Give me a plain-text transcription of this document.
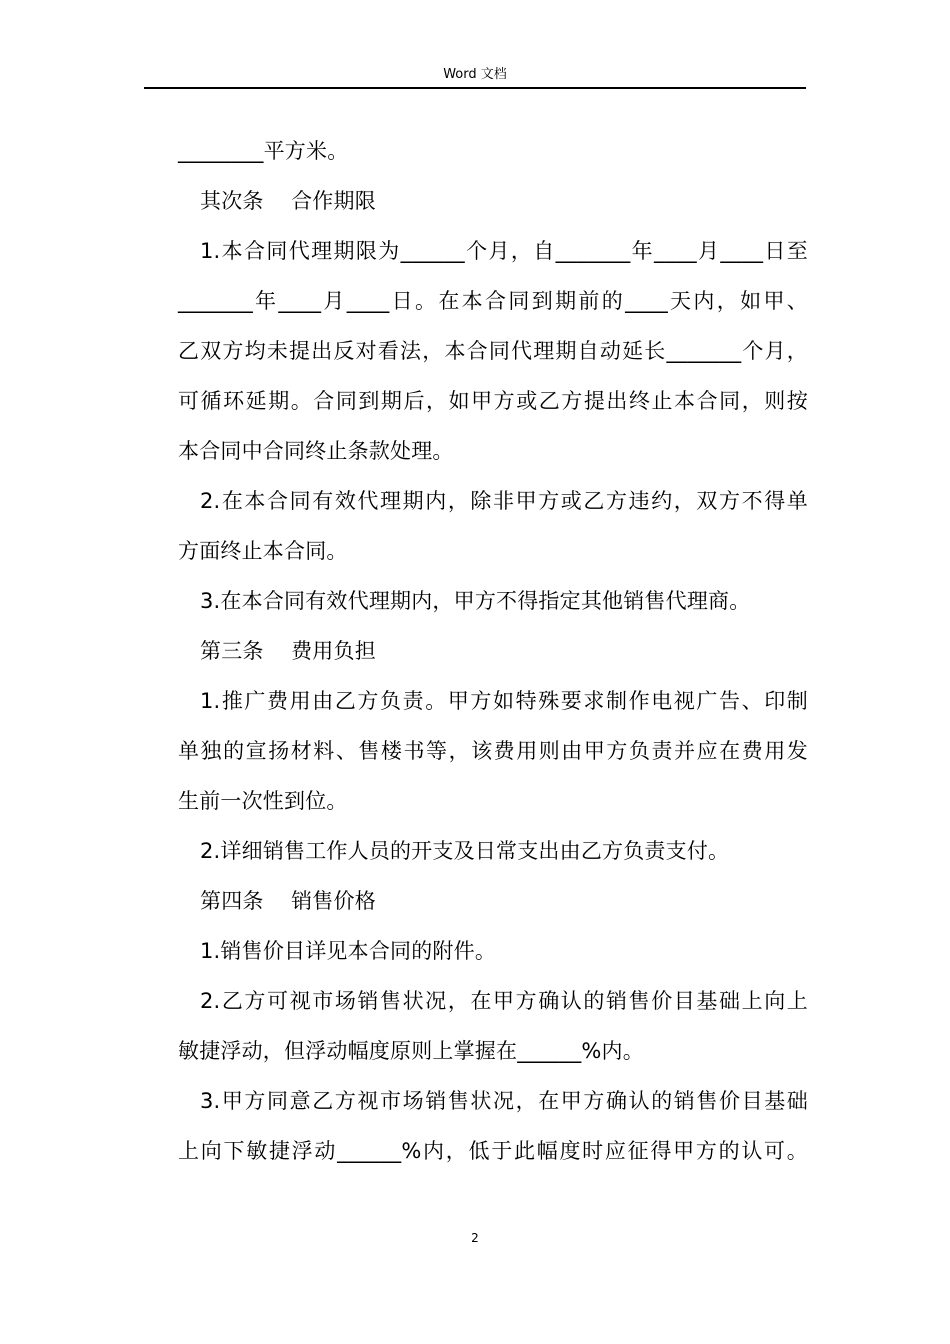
Word 文档
________平方米。
其次条    合作期限
1.本合同代理期限为______个月，自_______年____月____日至
_______年____月____日。在本合同到期前的____天内，如甲、
乙双方均未提出反对看法，本合同代理期自动延长_______个月，
可循环延期。合同到期后，如甲方或乙方提出终止本合同，则按
本合同中合同终止条款处理。
2.在本合同有效代理期内，除非甲方或乙方违约，双方不得单
方面终止本合同。
3.在本合同有效代理期内，甲方不得指定其他销售代理商。
第三条    费用负担
1.推广费用由乙方负责。甲方如特殊要求制作电视广告、印制
单独的宣扬材料、售楼书等，该费用则由甲方负责并应在费用发
生前一次性到位。
2.详细销售工作人员的开支及日常支出由乙方负责支付。
第四条    销售价格
1.销售价目详见本合同的附件。
2.乙方可视市场销售状况，在甲方确认的销售价目基础上向上
敏捷浮动，但浮动幅度原则上掌握在______%内。
3.甲方同意乙方视市场销售状况，在甲方确认的销售价目基础
上向下敏捷浮动______%内，低于此幅度时应征得甲方的认可。
2
